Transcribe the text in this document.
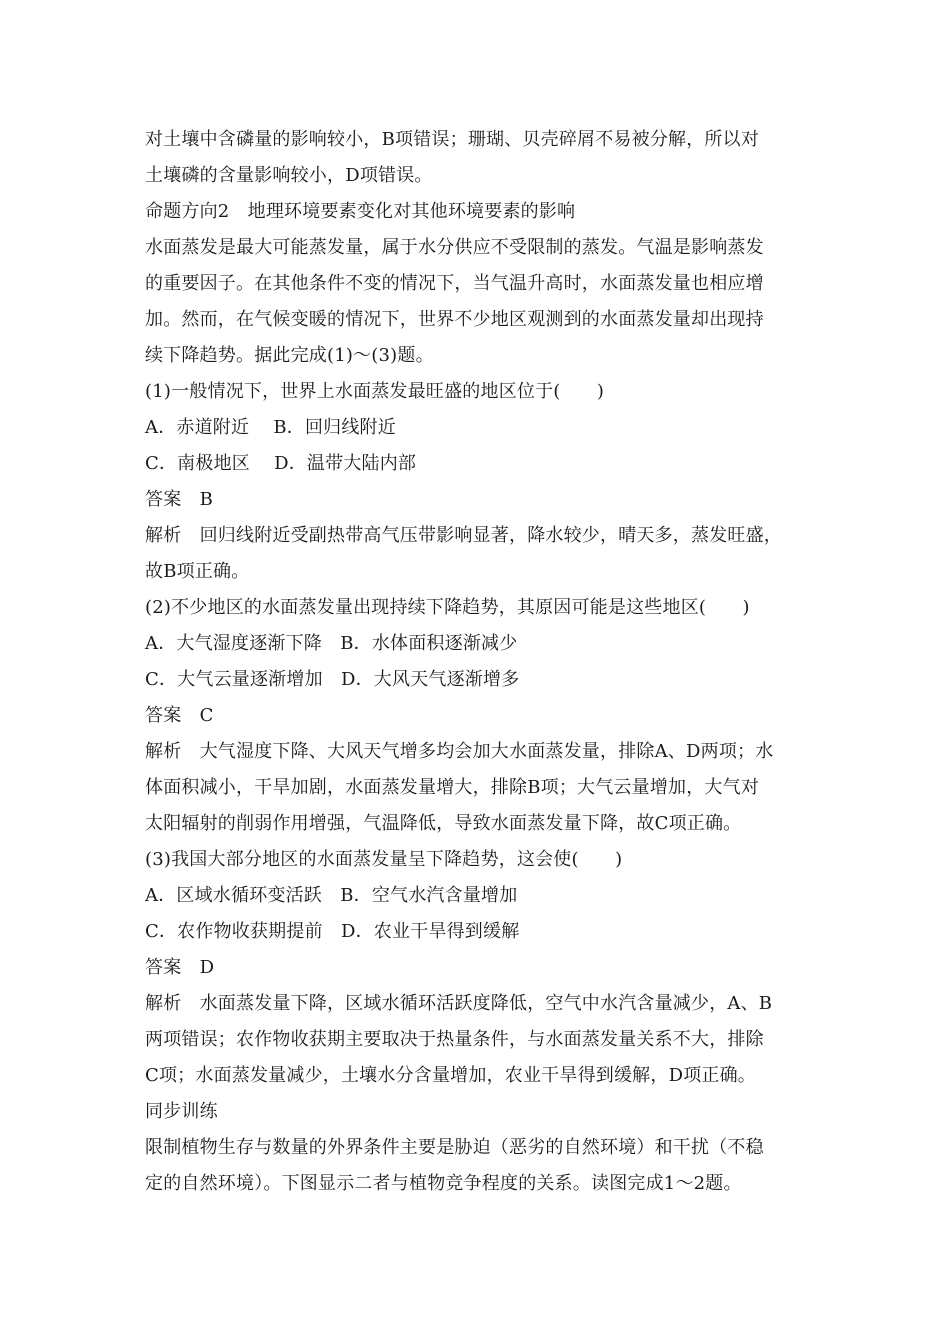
对土壤中含磷量的影响较小，B项错误；珊瑚、贝壳碎屑不易被分解，所以对
土壤磷的含量影响较小，D项错误。
命题方向2　地理环境要素变化对其他环境要素的影响
水面蒸发是最大可能蒸发量，属于水分供应不受限制的蒸发。气温是影响蒸发
的重要因子。在其他条件不变的情况下，当气温升高时，水面蒸发量也相应增
加。然而，在气候变暖的情况下，世界不少地区观测到的水面蒸发量却出现持
续下降趋势。据此完成(1)～(3)题。
(1)一般情况下，世界上水面蒸发最旺盛的地区位于(　　)
A．赤道附近　 B．回归线附近
C．南极地区　 D．温带大陆内部
答案　B
解析　回归线附近受副热带高气压带影响显著，降水较少，晴天多，蒸发旺盛，
故B项正确。
(2)不少地区的水面蒸发量出现持续下降趋势，其原因可能是这些地区(　　)
A．大气湿度逐渐下降　B．水体面积逐渐减少
C．大气云量逐渐增加　D．大风天气逐渐增多
答案　C
解析　大气湿度下降、大风天气增多均会加大水面蒸发量，排除A、D两项；水
体面积减小，干旱加剧，水面蒸发量增大，排除B项；大气云量增加，大气对
太阳辐射的削弱作用增强，气温降低，导致水面蒸发量下降，故C项正确。
(3)我国大部分地区的水面蒸发量呈下降趋势，这会使(　　)
A．区域水循环变活跃　B．空气水汽含量增加
C．农作物收获期提前　D．农业干旱得到缓解
答案　D
解析　水面蒸发量下降，区域水循环活跃度降低，空气中水汽含量减少，A、B
两项错误；农作物收获期主要取决于热量条件，与水面蒸发量关系不大，排除
C项；水面蒸发量减少，土壤水分含量增加，农业干旱得到缓解，D项正确。
同步训练
限制植物生存与数量的外界条件主要是胁迫（恶劣的自然环境）和干扰（不稳
定的自然环境）。下图显示二者与植物竞争程度的关系。读图完成1～2题。
